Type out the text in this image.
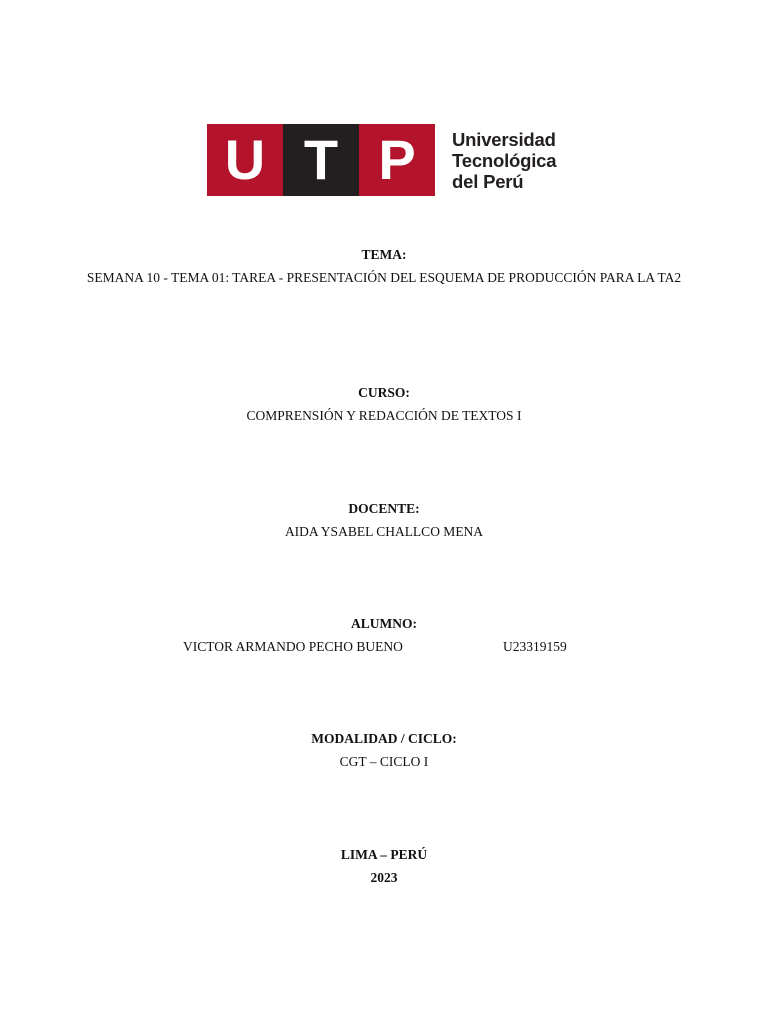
U T P	Universidad
Tecnológica
del Perú
TEMA:
SEMANA 10 - TEMA 01: TAREA - PRESENTACIÓN DEL ESQUEMA DE PRODUCCIÓN PARA LA TA2
CURSO:
COMPRENSIÓN Y REDACCIÓN DE TEXTOS I
DOCENTE:
AIDA YSABEL CHALLCO MENA
ALUMNO:
VICTOR ARMANDO PECHO BUENO	U23319159
MODALIDAD / CICLO:
CGT – CICLO I
LIMA – PERÚ
2023
